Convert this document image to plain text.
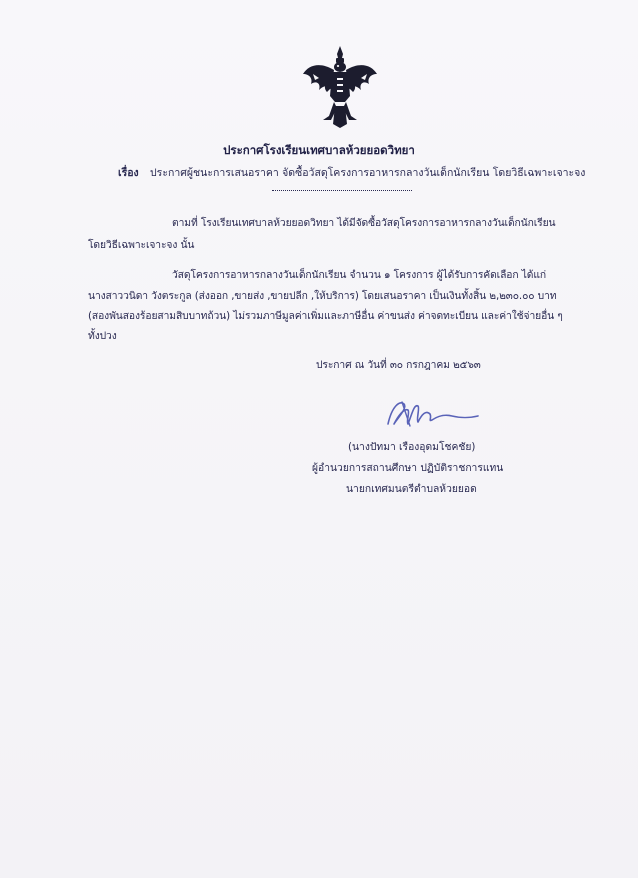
ประกาศโรงเรียนเทศบาลห้วยยอดวิทยา
เรื่อง ประกาศผู้ชนะการเสนอราคา จัดซื้อวัสดุโครงการอาหารกลางวันเด็กนักเรียน โดยวิธีเฉพาะเจาะจง
ตามที่ โรงเรียนเทศบาลห้วยยอดวิทยา ได้มีจัดซื้อวัสดุโครงการอาหารกลางวันเด็กนักเรียน
โดยวิธีเฉพาะเจาะจง นั้น
วัสดุโครงการอาหารกลางวันเด็กนักเรียน จำนวน ๑ โครงการ ผู้ได้รับการคัดเลือก ได้แก่
นางสาววนิดา วังตระกูล (ส่งออก ,ขายส่ง ,ขายปลีก ,ให้บริการ) โดยเสนอราคา เป็นเงินทั้งสิ้น ๒,๒๓๐.๐๐ บาท
(สองพันสองร้อยสามสิบบาทถ้วน) ไม่รวมภาษีมูลค่าเพิ่มและภาษีอื่น ค่าขนส่ง ค่าจดทะเบียน และค่าใช้จ่ายอื่น ๆ
ทั้งปวง
ประกาศ ณ วันที่ ๓๐ กรกฎาคม ๒๕๖๓
(นางปัทมา เรืองอุดมโชคชัย)
ผู้อำนวยการสถานศึกษา ปฏิบัติราชการแทน
นายกเทศมนตรีตำบลห้วยยอด
